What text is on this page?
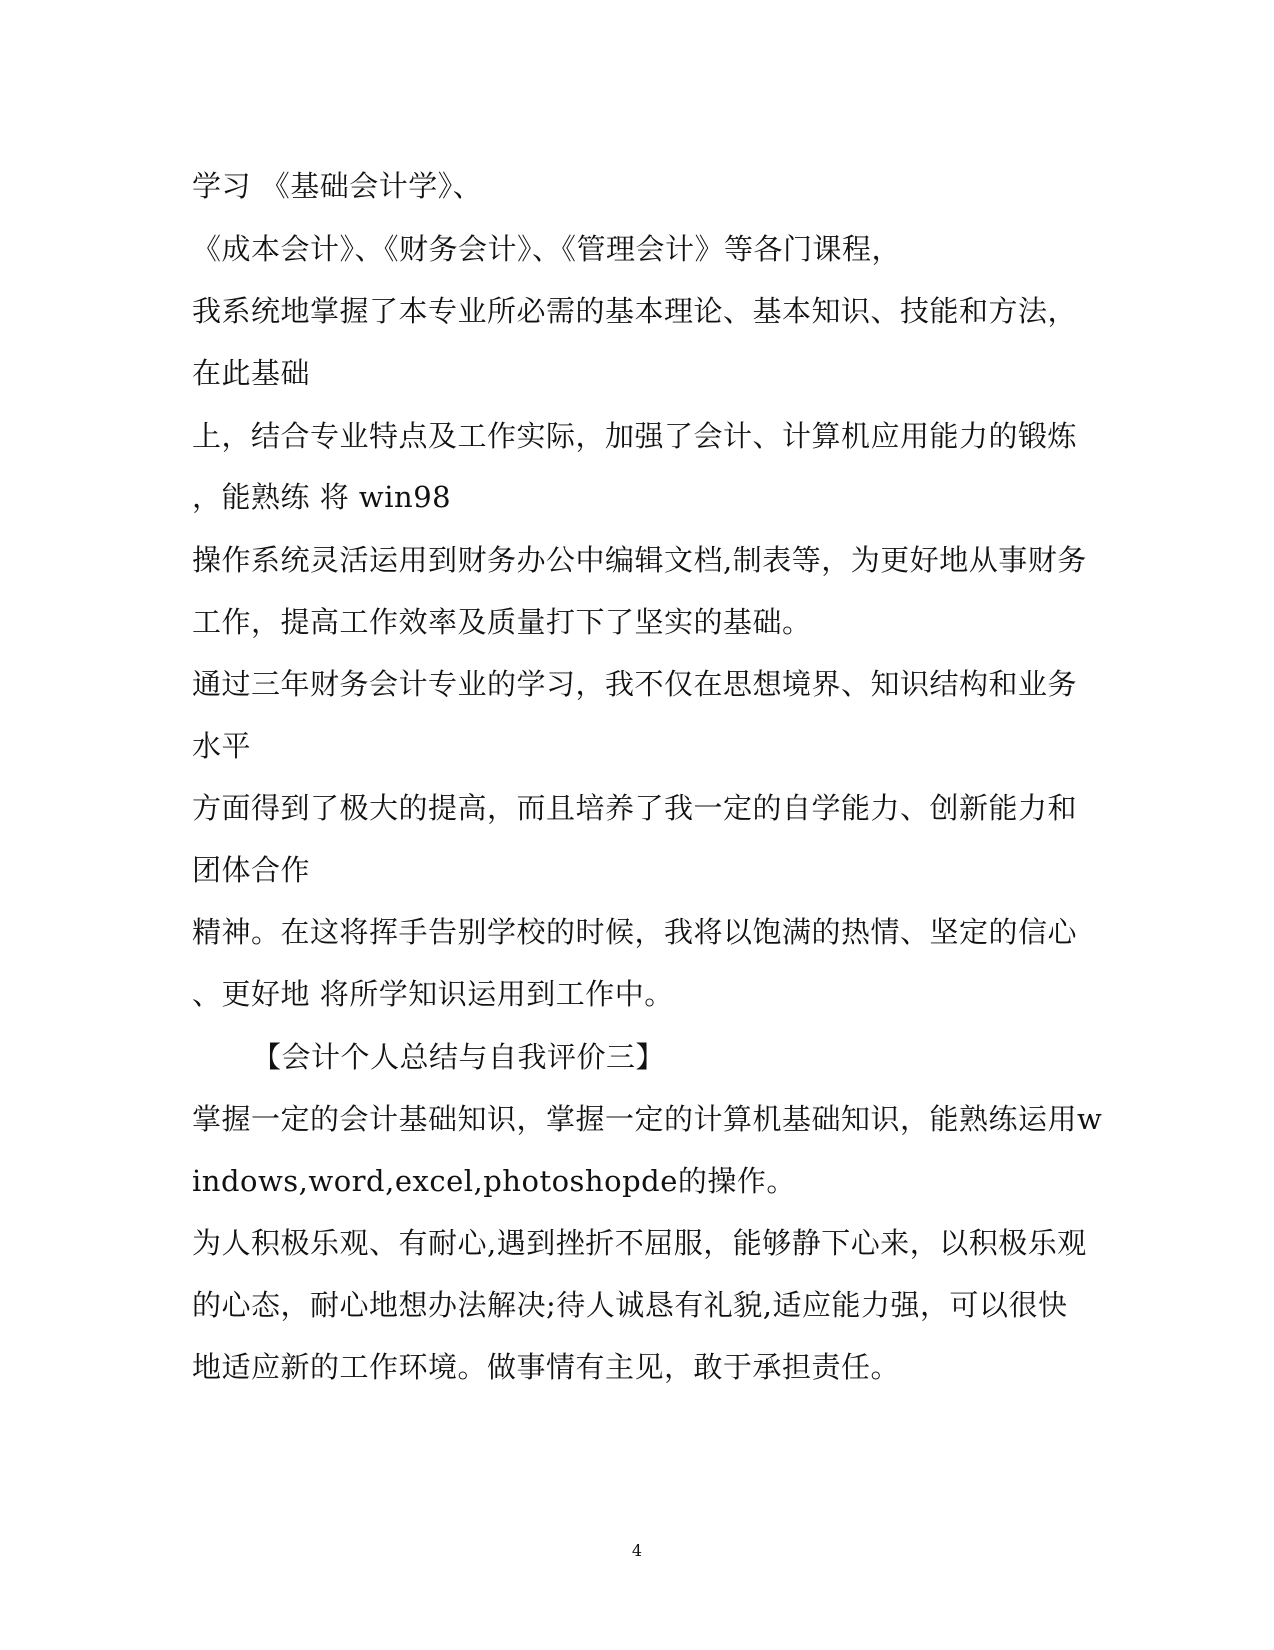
学习 《基础会计学》、
《成本会计》、《财务会计》、《管理会计》等各门课程，
我系统地掌握了本专业所必需的基本理论、基本知识、技能和方法，
在此基础
上，结合专业特点及工作实际，加强了会计、计算机应用能力的锻炼
，能熟练 将 win98
操作系统灵活运用到财务办公中编辑文档,制表等，为更好地从事财务
工作，提高工作效率及质量打下了坚实的基础。
通过三年财务会计专业的学习，我不仅在思想境界、知识结构和业务
水平
方面得到了极大的提高，而且培养了我一定的自学能力、创新能力和
团体合作
精神。在这将挥手告别学校的时候，我将以饱满的热情、坚定的信心
、更好地 将所学知识运用到工作中。
【会计个人总结与自我评价三】
掌握一定的会计基础知识，掌握一定的计算机基础知识，能熟练运用w
indows,word,excel,photoshopde的操作。
为人积极乐观、有耐心,遇到挫折不屈服，能够静下心来，以积极乐观
的心态，耐心地想办法解决;待人诚恳有礼貌,适应能力强，可以很快
地适应新的工作环境。做事情有主见，敢于承担责任。
4
